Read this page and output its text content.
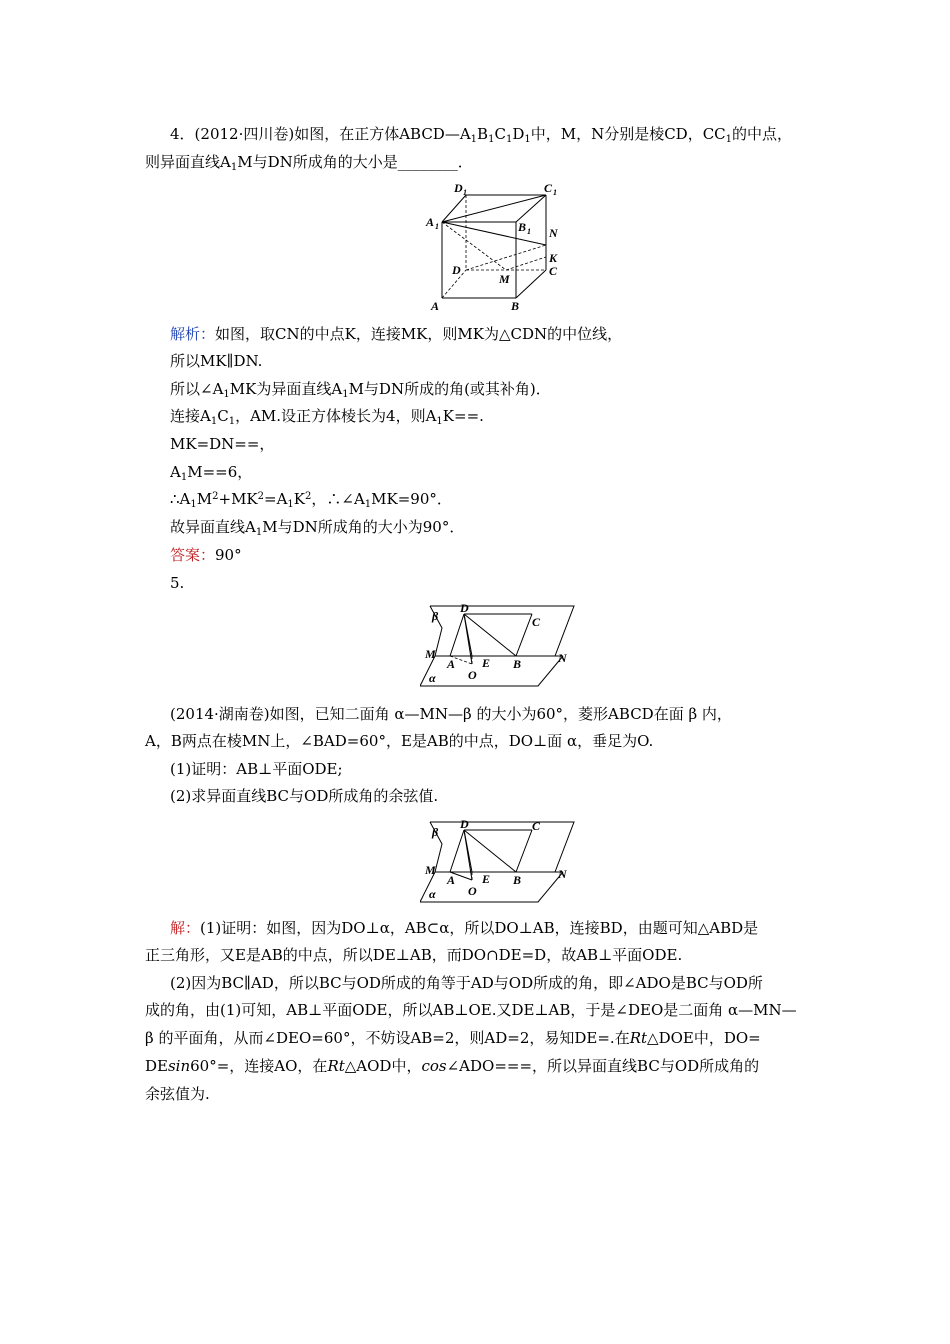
4．(2012·四川卷)如图，在正方体$ABCD—A_1B_1C_1D_1$中，M，N分别是棱CD，$CC_1$的中点，
则异面直线$A_1M$与DN所成角的大小是________．
D 1	C 1
A 1	B 1 N
D
K
C
M
A	B
解析：如图，取CN的中点K，连接MK，则MK为△CDN的中位线，
所以MK∥DN.
所以$\angle A_1MK$为异面直线$A_1M$与DN所成的角(或其补角)．
连接$A_1C_1$，AM.设正方体棱长为4，则$A_1K==$.
MK=DN==，
$A_1M==6$，
$\therefore A_1M^2+MK^2=A_1K^2$，$\therefore\angle A_1MK=90^\circ$．
故异面直线$A_1M$与DN所成角的大小为90°．
答案：90°
5.
β
D
C
M
A E B	N
O
α
(2014·湖南卷)如图，已知二面角 α—MN—β 的大小为60°，菱形ABCD在面 β 内，
A，B两点在棱MN上，∠BAD=60°，E是AB的中点，DO⊥面 α，垂足为O.
(1)证明：AB⊥平面ODE;
(2)求异面直线BC与OD所成角的余弦值.
β
D	C
M
A E B	N
O
α
解：(1)证明：如图，因为DO⊥α，AB⊂α，所以DO⊥AB，连接BD，由题可知△ABD是
正三角形，又E是AB的中点，所以DE⊥AB，而DO∩DE=D，故AB⊥平面ODE.
(2)因为BC∥AD，所以BC与OD所成的角等于AD与OD所成的角，即∠ADO是BC与OD所
成的角，由(1)可知，AB⊥平面ODE，所以AB⊥OE.又DE⊥AB，于是∠DEO是二面角 α—MN—
β 的平面角，从而∠DEO=60°，不妨设AB=2，则AD=2，易知DE=.在Rt△DOE中，DO=
DEsin60°=，连接AO，在Rt△AOD中，cos∠ADO===，所以异面直线BC与OD所成角的
余弦值为.
